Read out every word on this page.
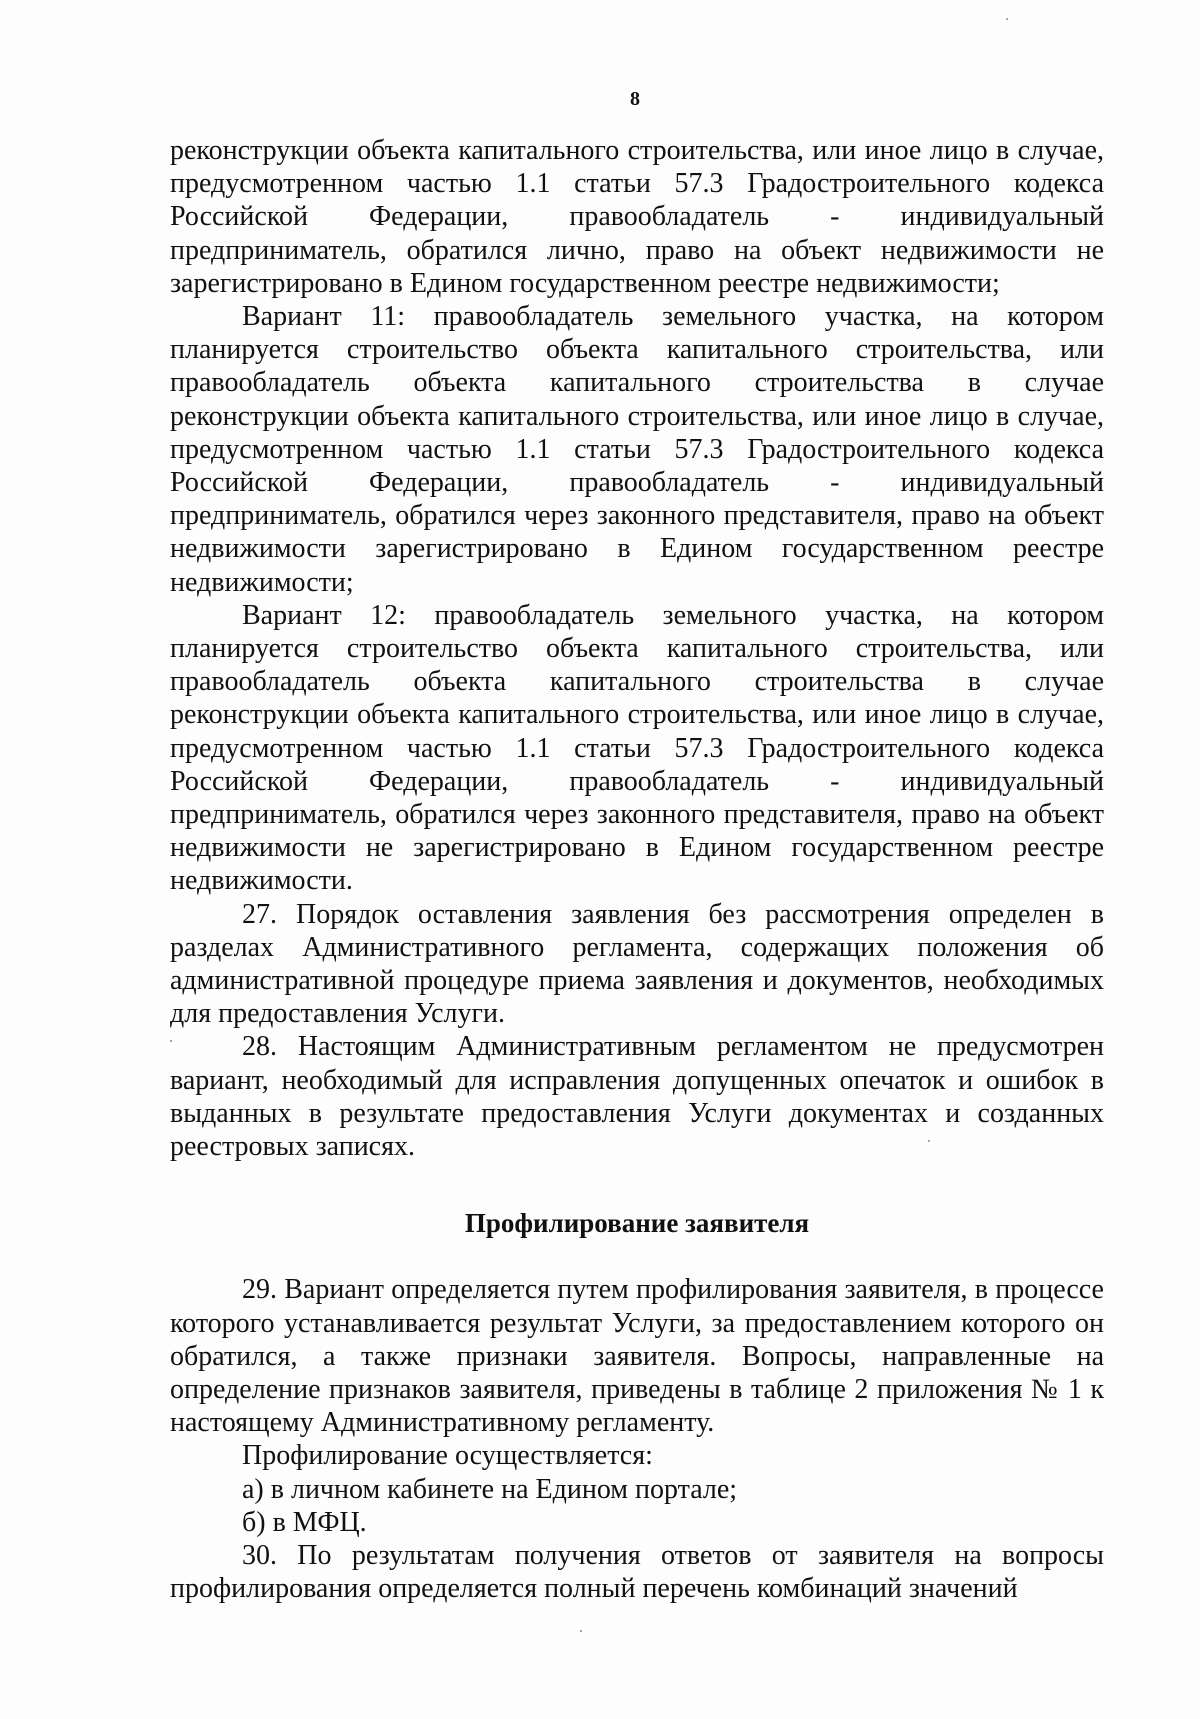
8

реконструкции объекта капитального строительства, или иное лицо в случае, предусмотренном частью 1.1 статьи 57.3 Градостроительного кодекса Российской Федерации, правообладатель - индивидуальный предприниматель, обратился лично, право на объект недвижимости не зарегистрировано в Едином государственном реестре недвижимости;

Вариант 11: правообладатель земельного участка, на котором планируется строительство объекта капитального строительства, или правообладатель объекта капитального строительства в случае реконструкции объекта капитального строительства, или иное лицо в случае, предусмотренном частью 1.1 статьи 57.3 Градостроительного кодекса Российской Федерации, правообладатель - индивидуальный предприниматель, обратился через законного представителя, право на объект недвижимости зарегистрировано в Едином государственном реестре недвижимости;

Вариант 12: правообладатель земельного участка, на котором планируется строительство объекта капитального строительства, или правообладатель объекта капитального строительства в случае реконструкции объекта капитального строительства, или иное лицо в случае, предусмотренном частью 1.1 статьи 57.3 Градостроительного кодекса Российской Федерации, правообладатель - индивидуальный предприниматель, обратился через законного представителя, право на объект недвижимости не зарегистрировано в Едином государственном реестре недвижимости.

27. Порядок оставления заявления без рассмотрения определен в разделах Административного регламента, содержащих положения об административной процедуре приема заявления и документов, необходимых для предоставления Услуги.

28. Настоящим Административным регламентом не предусмотрен вариант, необходимый для исправления допущенных опечаток и ошибок в выданных в результате предоставления Услуги документах и созданных реестровых записях.

Профилирование заявителя

29. Вариант определяется путем профилирования заявителя, в процессе которого устанавливается результат Услуги, за предоставлением которого он обратился, а также признаки заявителя. Вопросы, направленные на определение признаков заявителя, приведены в таблице 2 приложения № 1 к настоящему Административному регламенту.

Профилирование осуществляется:

а) в личном кабинете на Едином портале;

б) в МФЦ.

30. По результатам получения ответов от заявителя на вопросы профилирования определяется полный перечень комбинаций значений
